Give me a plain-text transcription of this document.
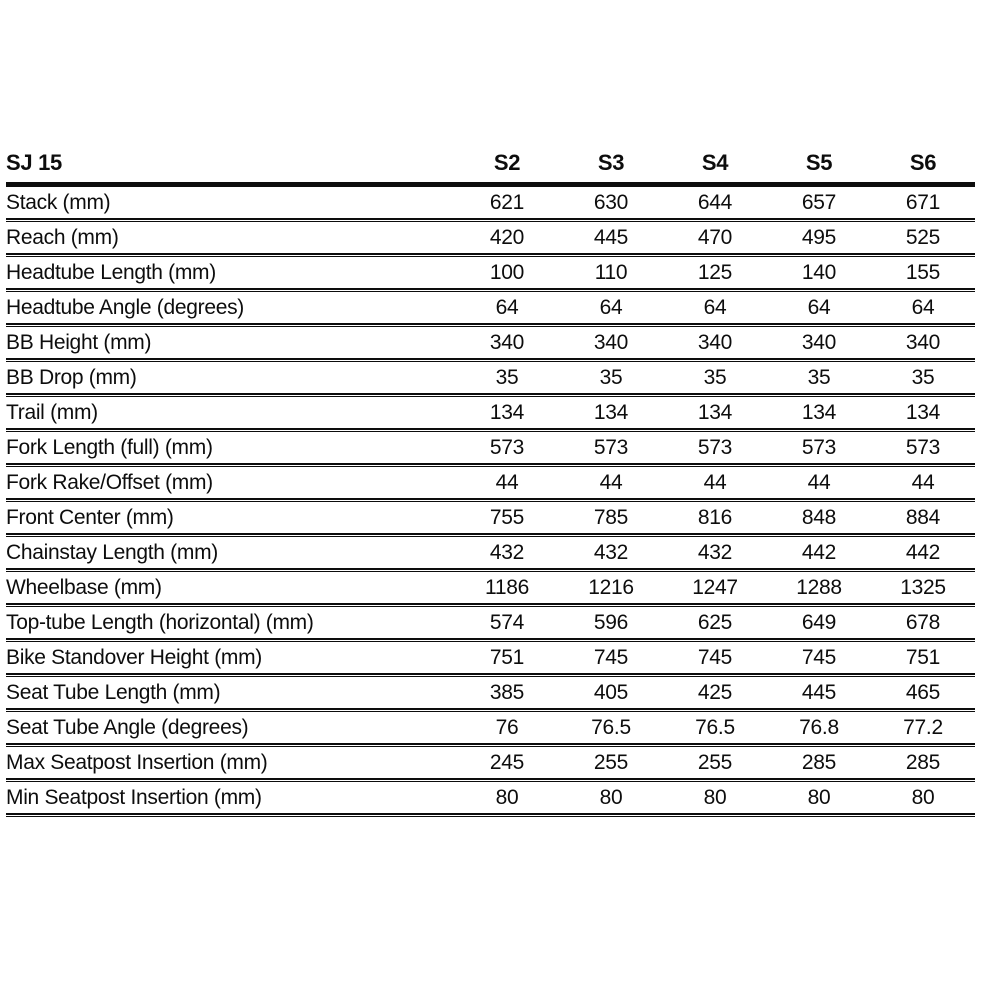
SJ 15	S2	S3	S4	S5	S6
Stack (mm)	621	630	644	657	671
Reach (mm)	420	445	470	495	525
Headtube Length (mm)	100	110	125	140	155
Headtube Angle (degrees)	64	64	64	64	64
BB Height (mm)	340	340	340	340	340
BB Drop (mm)	35	35	35	35	35
Trail (mm)	134	134	134	134	134
Fork Length (full) (mm)	573	573	573	573	573
Fork Rake/Offset (mm)	44	44	44	44	44
Front Center (mm)	755	785	816	848	884
Chainstay Length (mm)	432	432	432	442	442
Wheelbase (mm)	1186	1216	1247	1288	1325
Top-tube Length (horizontal) (mm)	574	596	625	649	678
Bike Standover Height (mm)	751	745	745	745	751
Seat Tube Length (mm)	385	405	425	445	465
Seat Tube Angle (degrees)	76	76.5	76.5	76.8	77.2
Max Seatpost Insertion (mm)	245	255	255	285	285
Min Seatpost Insertion (mm)	80	80	80	80	80
